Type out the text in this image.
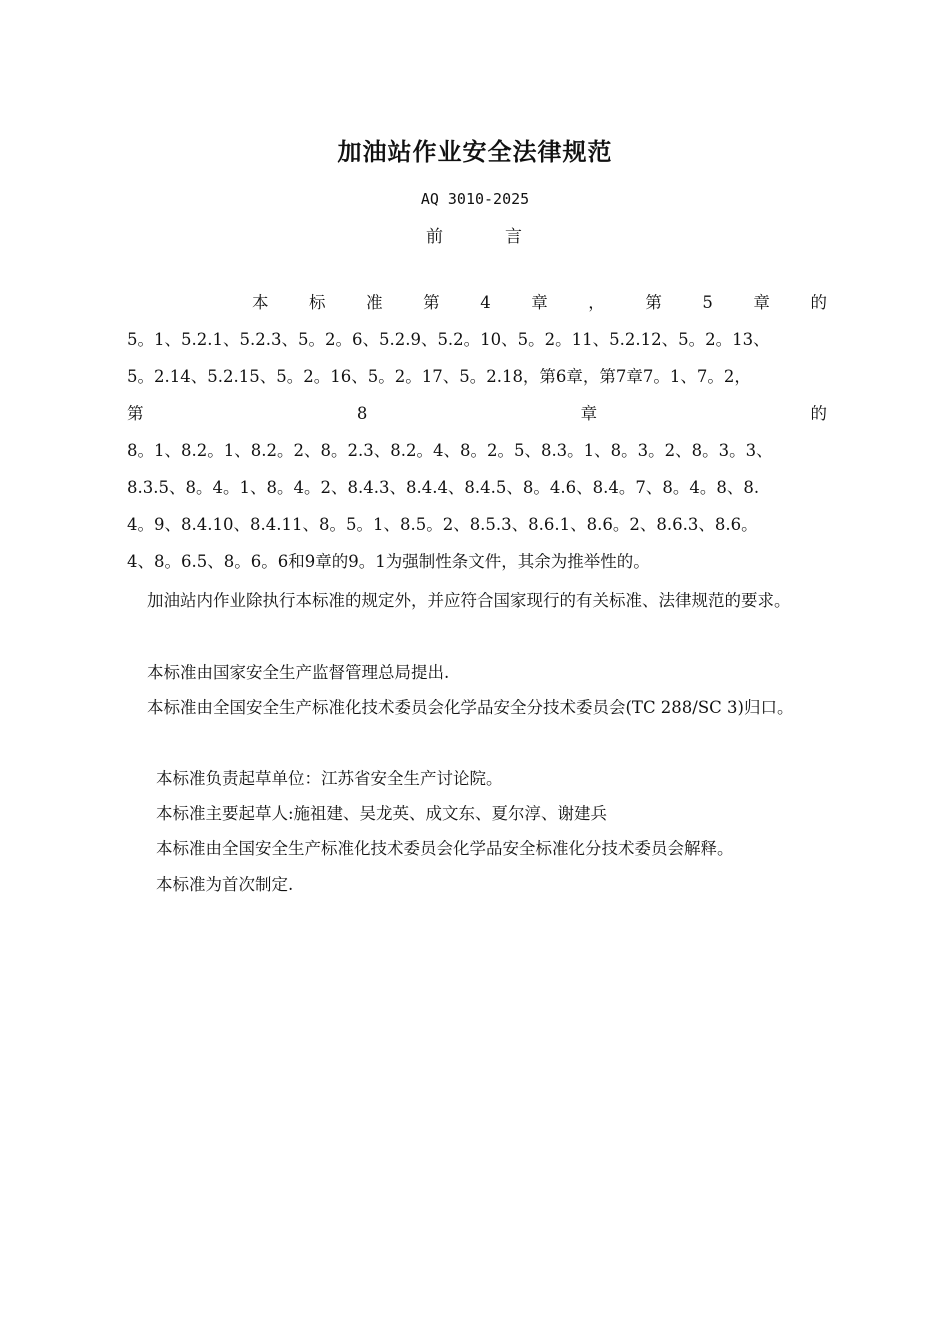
加油站作业安全法律规范
AQ 3010-2025
前	言
本 标 准 第 4 章 ， 第 5 章 的
5。1、5.2.1、5.2.3、5。2。6、5.2.9、5.2。10、5。2。11、5.2.12、5。2。13、
5。2.14、5.2.15、5。2。16、5。2。17、5。2.18，第6章，第7章7。1、7。2，
第	8	章	的
8。1、8.2。1、8.2。2、8。2.3、8.2。4、8。2。5、8.3。1、8。3。2、8。3。3、
8.3.5、8。4。1、8。4。2、8.4.3、8.4.4、8.4.5、8。4.6、8.4。7、8。4。8、8.
4。9、8.4.10、8.4.11、8。5。1、8.5。2、8.5.3、8.6.1、8.6。2、8.6.3、8.6。
4、8。6.5、8。6。6和9章的9。1为强制性条文件，其余为推举性的。
加油站内作业除执行本标准的规定外，并应符合国家现行的有关标准、法律规范的要求。
本标准由国家安全生产监督管理总局提出.
本标准由全国安全生产标准化技术委员会化学品安全分技术委员会(TC 288/SC 3)归口。
本标准负责起草单位：江苏省安全生产讨论院。
本标准主要起草人:施祖建、吴龙英、成文东、夏尔淳、谢建兵
本标准由全国安全生产标准化技术委员会化学品安全标准化分技术委员会解释。
本标准为首次制定.
